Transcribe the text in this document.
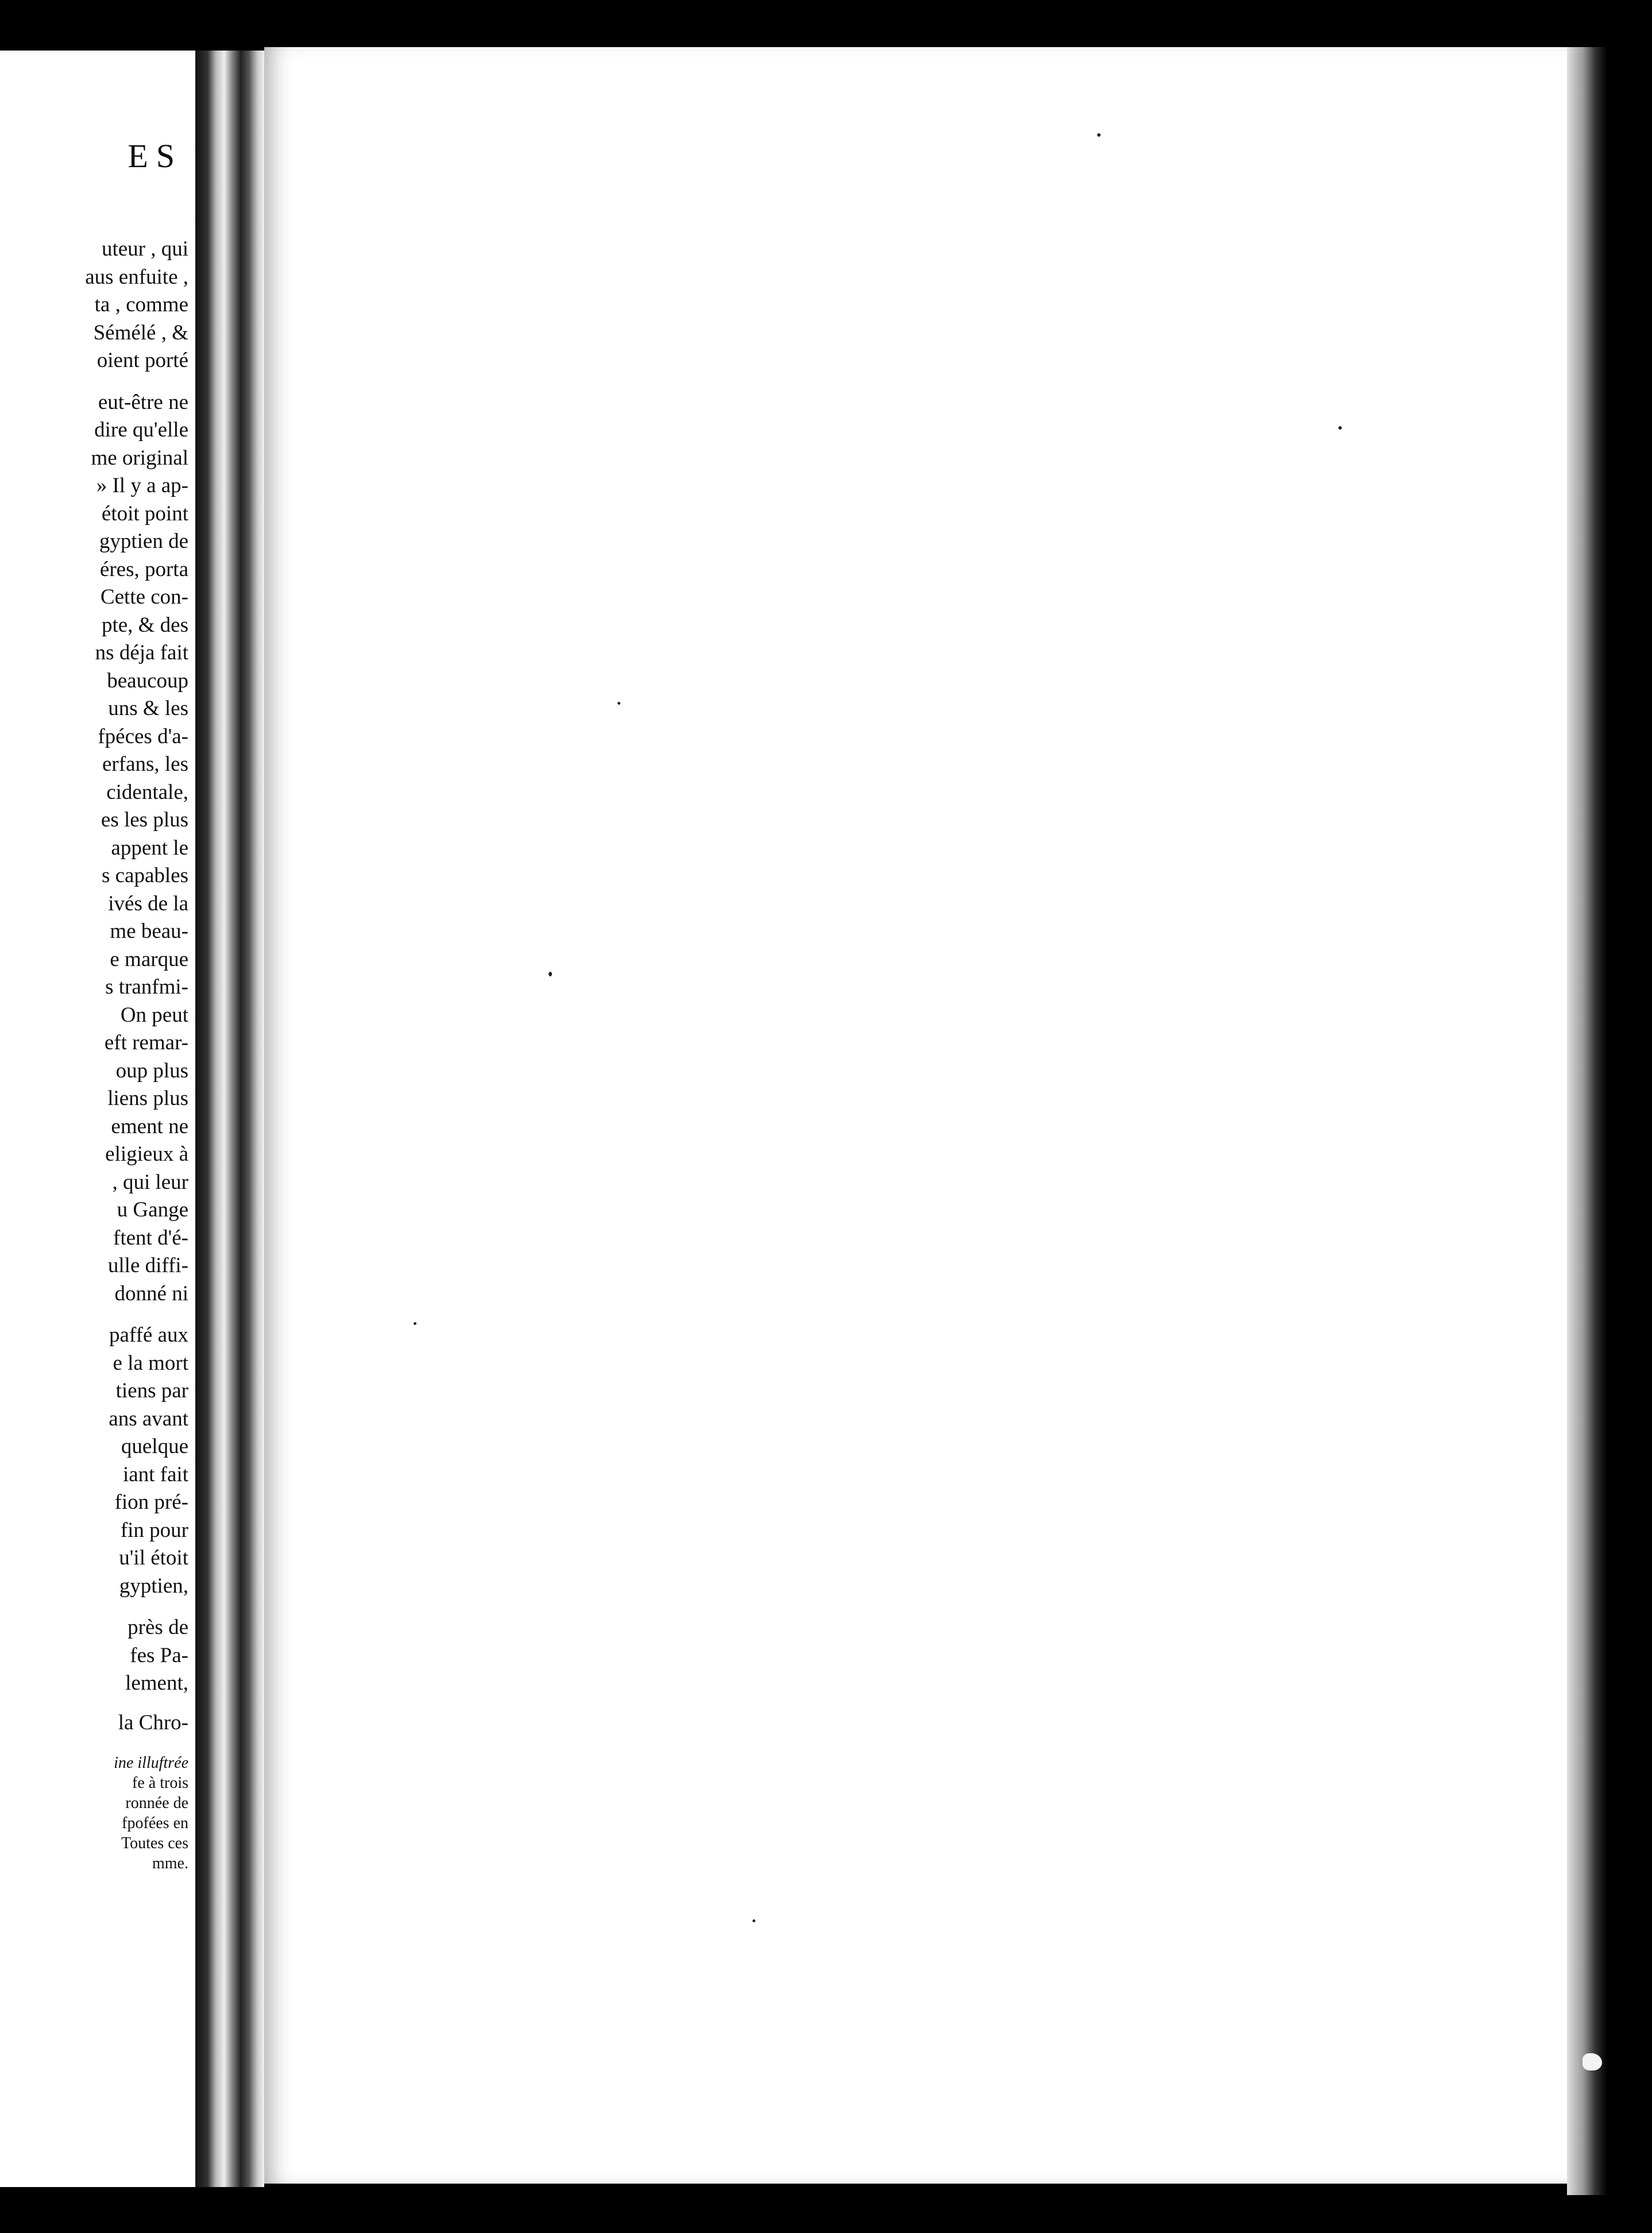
ES
uteur , qui
aus enfuite ,
ta , comme
Sémélé , &
oient porté
eut-être ne
dire qu'elle
me original
» Il y a ap-
étoit point
gyptien de
éres, porta
Cette con-
pte, & des
ns déja fait
beaucoup
uns & les
fpéces d'a-
erfans, les
cidentale,
es les plus
appent le
s capables
ivés de la
me beau-
e marque
s tranfmi-
On peut
eft remar-
oup plus
liens plus
ement ne
eligieux à
, qui leur
u Gange
ftent d'é-
ulle diffi-
donné ni
paffé aux
e la mort
tiens par
ans avant
quelque
iant fait
fion pré-
fin pour
u'il étoit
gyptien,
près de
fes Pa-
lement,
la Chro-
ine illuftrée
fe à trois
ronnée de
fpofées en
Toutes ces
mme.
